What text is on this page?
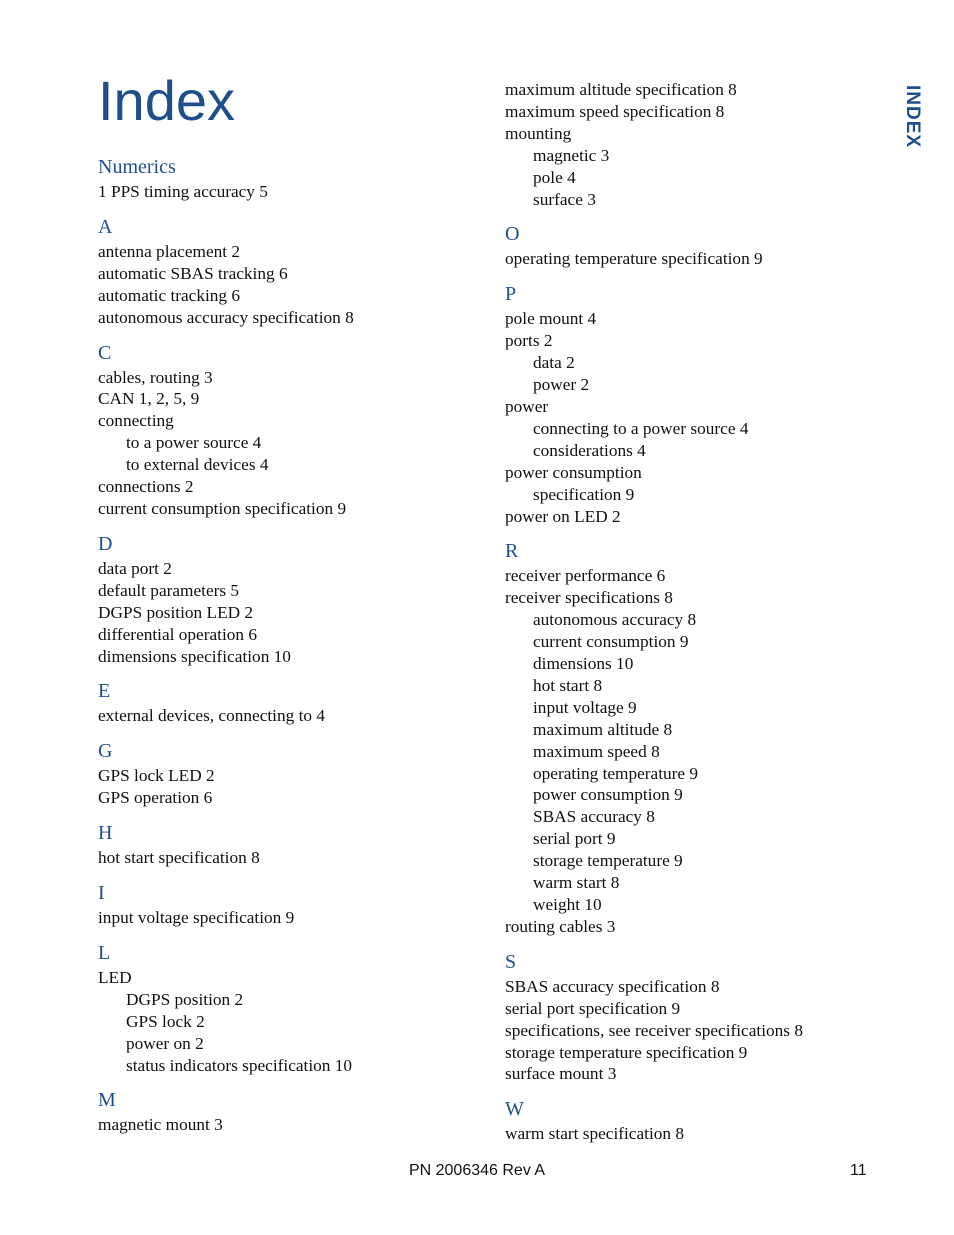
Index
Numerics
1 PPS timing accuracy 5
A
antenna placement 2
automatic SBAS tracking 6
automatic tracking 6
autonomous accuracy specification 8
C
cables, routing 3
CAN 1, 2, 5, 9
connecting
to a power source 4
to external devices 4
connections 2
current consumption specification 9
D
data port 2
default parameters 5
DGPS position LED 2
differential operation 6
dimensions specification 10
E
external devices, connecting to 4
G
GPS lock LED 2
GPS operation 6
H
hot start specification 8
I
input voltage specification 9
L
LED
DGPS position 2
GPS lock 2
power on 2
status indicators specification 10
M
magnetic mount 3
maximum altitude specification 8
maximum speed specification 8
mounting
magnetic 3
pole 4
surface 3
O
operating temperature specification 9
P
pole mount 4
ports 2
data 2
power 2
power
connecting to a power source 4
considerations 4
power consumption
specification 9
power on LED 2
R
receiver performance 6
receiver specifications 8
autonomous accuracy 8
current consumption 9
dimensions 10
hot start 8
input voltage 9
maximum altitude 8
maximum speed 8
operating temperature 9
power consumption 9
SBAS accuracy 8
serial port 9
storage temperature 9
warm start 8
weight 10
routing cables 3
S
SBAS accuracy specification 8
serial port specification 9
specifications, see receiver specifications 8
storage temperature specification 9
surface mount 3
W
warm start specification 8
INDEX
PN 2006346 Rev A	11
